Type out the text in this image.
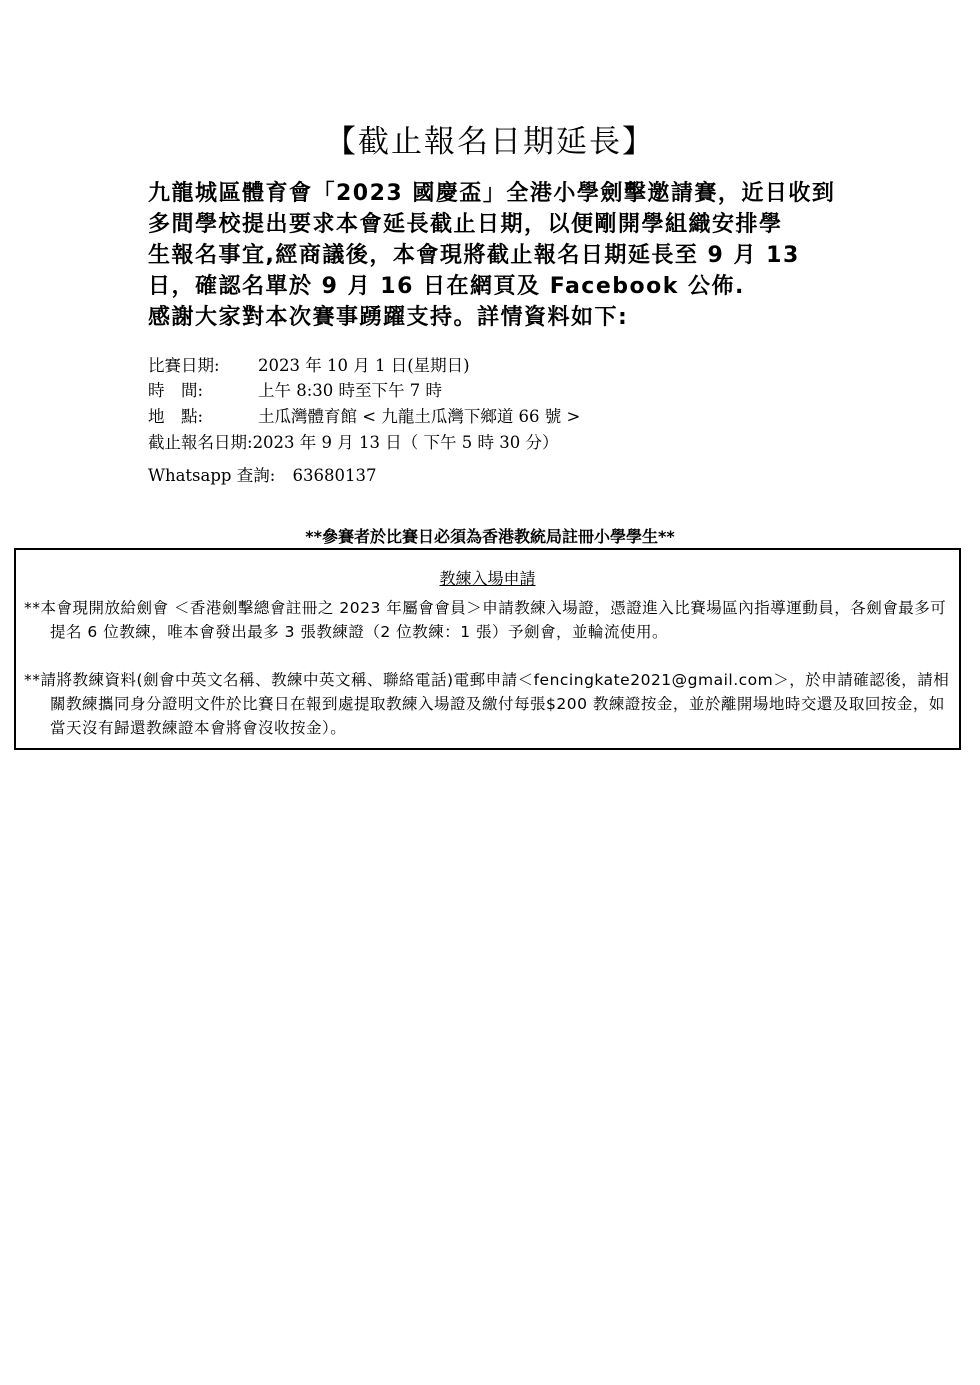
【截止報名日期延長】
九龍城區體育會「2023 國慶盃」全港小學劍擊邀請賽，近日收到
多間學校提出要求本會延長截止日期，以便剛開學組織安排學
生報名事宜,經商議後，本會現將截止報名日期延長至 9 月 13
日，確認名單於 9 月 16 日在網頁及 Facebook 公佈.
感謝大家對本次賽事踴躍支持。詳情資料如下:
比賽日期: 2023 年 10 月 1 日(星期日)
時　間:	上午 8:30 時至下午 7 時
地　點:	土瓜灣體育館 < 九龍土瓜灣下鄉道 66 號 >
截止報名日期:2023 年 9 月 13 日（ 下午 5 時 30 分）
Whatsapp 查詢: 63680137
**參賽者於比賽日必須為香港教統局註冊小學學生**
教練入場申請
**本會現開放給劍會 ＜香港劍擊總會註冊之 2023 年屬會會員＞申請教練入場證，憑證進入比賽場區內指導運動員，各劍會最多可提名 6 位教練，唯本會發出最多 3 張教練證（2 位教練：1 張）予劍會，並輪流使用。
**請將教練資料(劍會中英文名稱、教練中英文稱、聯絡電話)電郵申請＜fencingkate2021@gmail.com＞，於申請確認後，請相關教練攜同身分證明文件於比賽日在報到處提取教練入場證及繳付每張$200 教練證按金，並於離開場地時交還及取回按金，如當天沒有歸還教練證本會將會沒收按金）。
